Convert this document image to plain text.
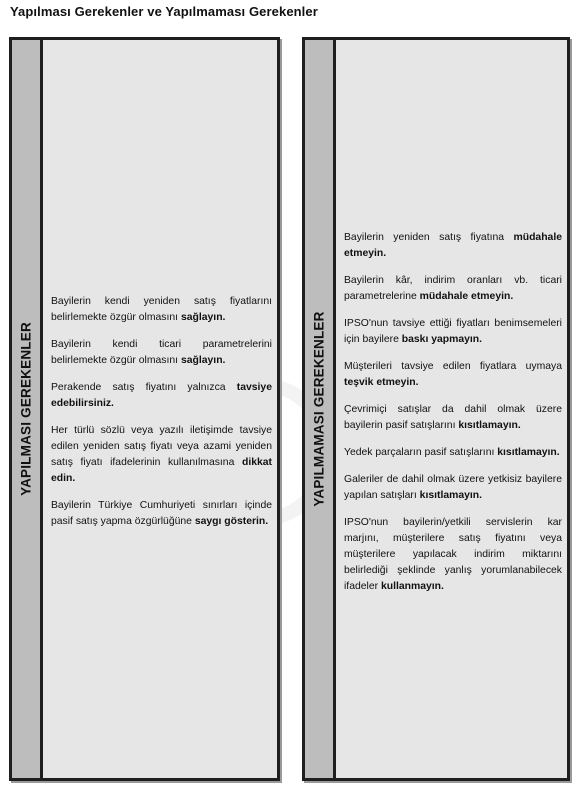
Yapılması Gerekenler ve Yapılmaması Gerekenler
YAPILMASI GEREKENLER

Bayilerin kendi yeniden satış fiyatlarını belirlemekte özgür olmasını sağlayın.

Bayilerin kendi ticari parametrelerini belirlemekte özgür olmasını sağlayın.

Perakende satış fiyatını yalnızca tavsiye edebilirsiniz.

Her türlü sözlü veya yazılı iletişimde tavsiye edilen yeniden satış fiyatı veya azami yeniden satış fiyatı ifadelerinin kullanılmasına dikkat edin.

Bayilerin Türkiye Cumhuriyeti sınırları içinde pasif satış yapma özgürlüğüne saygı gösterin.

YAPILMAMASI GEREKENLER

Bayilerin yeniden satış fiyatına müdahale etmeyin.

Bayilerin kâr, indirim oranları vb. ticari parametrelerine müdahale etmeyin.

IPSO'nun tavsiye ettiği fiyatları benimsemeleri için bayilere baskı yapmayın.

Müşterileri tavsiye edilen fiyatlara uymaya teşvik etmeyin.

Çevrimiçi satışlar da dahil olmak üzere bayilerin pasif satışlarını kısıtlamayın.

Yedek parçaların pasif satışlarını kısıtlamayın.

Galeriler de dahil olmak üzere yetkisiz bayilere yapılan satışları kısıtlamayın.

IPSO'nun bayilerin/yetkili servislerin kar marjını, müşterilere satış fiyatını veya müşterilere yapılacak indirim miktarını belirlediği şeklinde yanlış yorumlanabilecek ifadeler kullanmayın.
